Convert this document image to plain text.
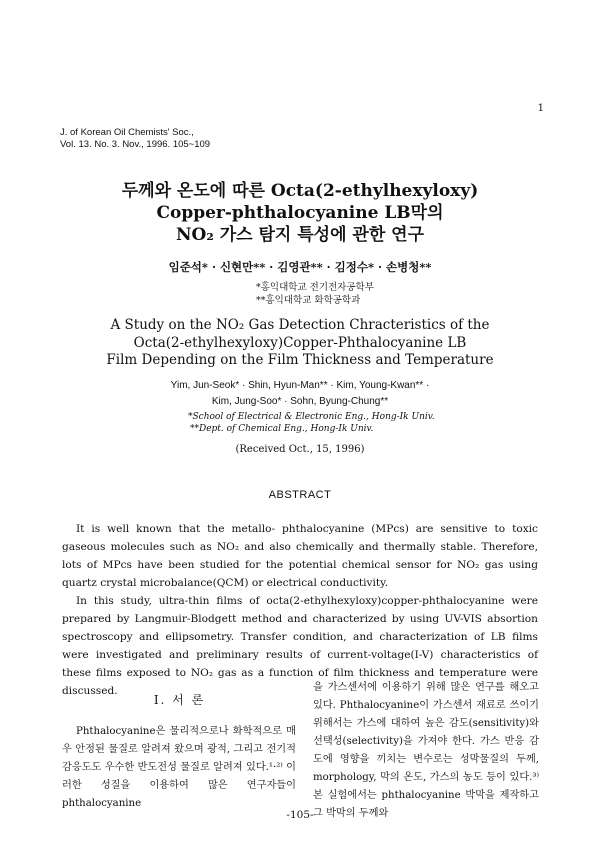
1
J. of Korean Oil Chemists' Soc.,
Vol. 13. No. 3. Nov., 1996. 105~109
두께와 온도에 따른 Octa(2-ethylhexyloxy)
Copper-phthalocyanine LB막의
NO₂ 가스 탐지 특성에 관한 연구
임준석* · 신현만** · 김영관** · 김정수* · 손병청**
*홍익대학교 전기전자공학부
**홍익대학교 화학공학과
A Study on the NO₂ Gas Detection Chracteristics of the
Octa(2-ethylhexyloxy)Copper-Phthalocyanine LB
Film Depending on the Film Thickness and Temperature
Yim, Jun-Seok* · Shin, Hyun-Man** · Kim, Young-Kwan** ·
Kim, Jung-Soo* · Sohn, Byung-Chung**
*School of Electrical & Electronic Eng., Hong-Ik Univ.
**Dept. of Chemical Eng., Hong-Ik Univ.
(Received Oct., 15, 1996)
ABSTRACT

It is well known that the metallo- phthalocyanine (MPcs) are sensitive to toxic gaseous molecules such as NO₂ and also chemically and thermally stable. Therefore, lots of MPcs have been studied for the potential chemical sensor for NO₂ gas using quartz crystal microbalance(QCM) or electrical conductivity.

In this study, ultra-thin films of octa(2-ethylhexyloxy)copper-phthalocyanine were prepared by Langmuir-Blodgett method and characterized by using UV-VIS absortion spectroscopy and ellipsometry. Transfer condition, and characterization of LB films were investigated and preliminary results of current-voltage(I-V) characteristics of these films exposed to NO₂ gas as a function of film thickness and temperature were discussed.

I. 서 론

Phthalocyanine은 물리적으로나 화학적으로 매우 안정된 물질로 알려져 왔으며 광적, 그리고 전기적 감응도도 우수한 반도전성 물질로 알려져 있다.¹·²⁾ 이러한 성질을 이용하여 많은 연구자들이 phthalocyanine

을 가스센서에 이용하기 위해 많은 연구를 해오고 있다. Phthalocyanine이 가스센서 재료로 쓰이기 위해서는 가스에 대하여 높은 감도(sensitivity)와 선택성(selectivity)을 가져야 한다. 가스 반응 감도에 영향을 끼치는 변수로는 성막물질의 두께, morphology, 막의 온도, 가스의 농도 등이 있다.³⁾ 본 실험에서는 phthalocyanine 박막을 제작하고 그 박막의 두께와

-105-
